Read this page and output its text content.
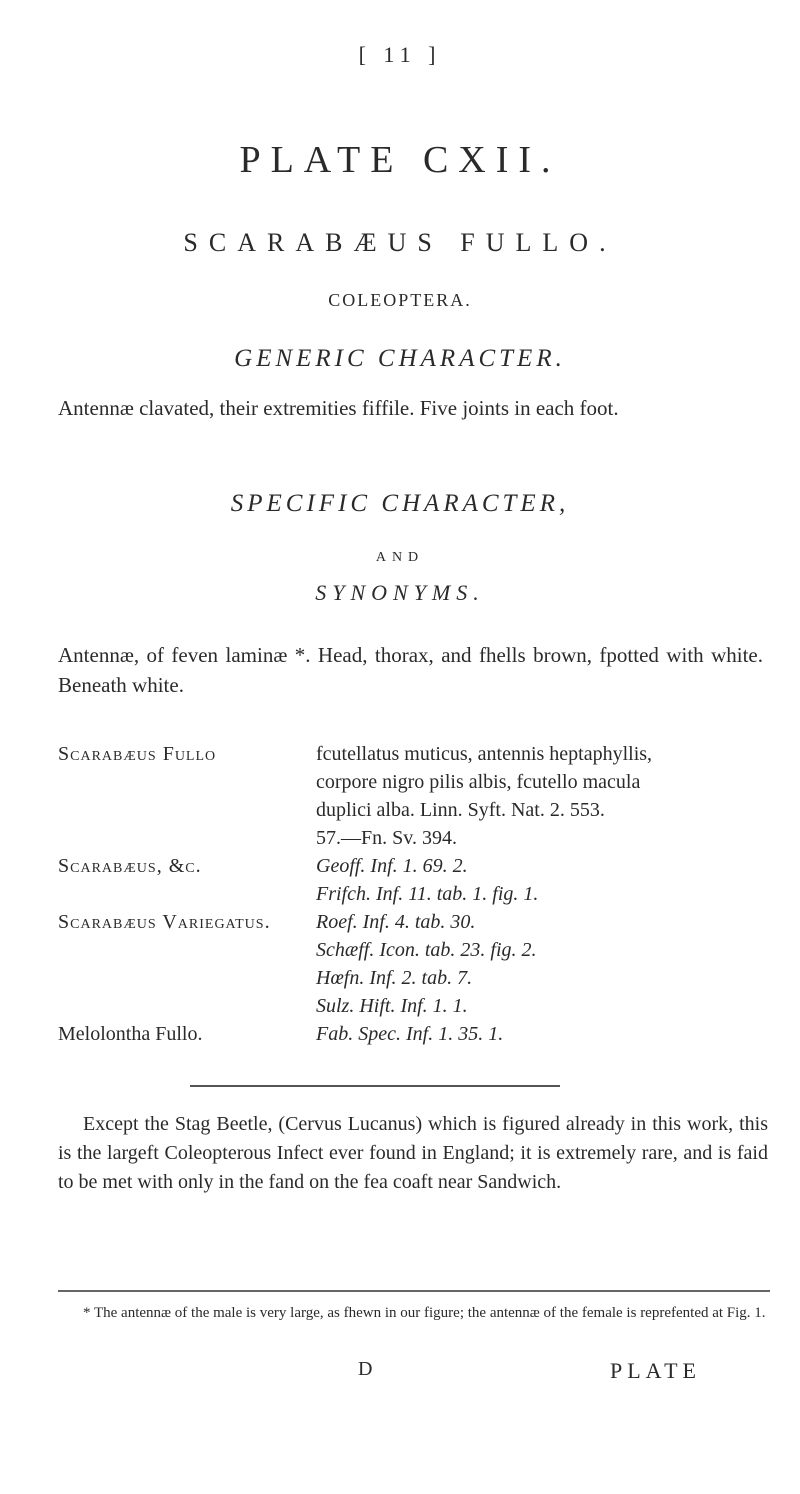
[ 11 ]
PLATE CXII.
SCARABÆUS FULLO.
COLEOPTERA.
GENERIC CHARACTER.
Antennæ clavated, their extremities fiffile. Five joints in each foot.
SPECIFIC CHARACTER,
AND
SYNONYMS.
Antennæ, of feven laminæ *. Head, thorax, and fhells brown, fpotted with white. Beneath white.
Scarabæus Fullo	fcutellatus muticus, antennis heptaphyllis,
corpore nigro pilis albis, fcutello macula
duplici alba. Linn. Syft. Nat. 2. 553.
57.—Fn. Sv. 394.
Scarabæus, &c.	Geoff. Inf. 1. 69. 2.
Frifch. Inf. 11. tab. 1. fig. 1.
Scarabæus Variegatus. Roef. Inf. 4. tab. 30.
Schæff. Icon. tab. 23. fig. 2.
Hœfn. Inf. 2. tab. 7.
Sulz. Hift. Inf. 1. 1.
Melolontha Fullo.	Fab. Spec. Inf. 1. 35. 1.
Except the Stag Beetle, (Cervus Lucanus) which is figured already in this work, this is the largeft Coleopterous Infect ever found in England; it is extremely rare, and is faid to be met with only in the fand on the fea coaft near Sandwich.
* The antennæ of the male is very large, as fhewn in our figure; the antennæ of the female is reprefented at Fig. 1.
D	PLATE
